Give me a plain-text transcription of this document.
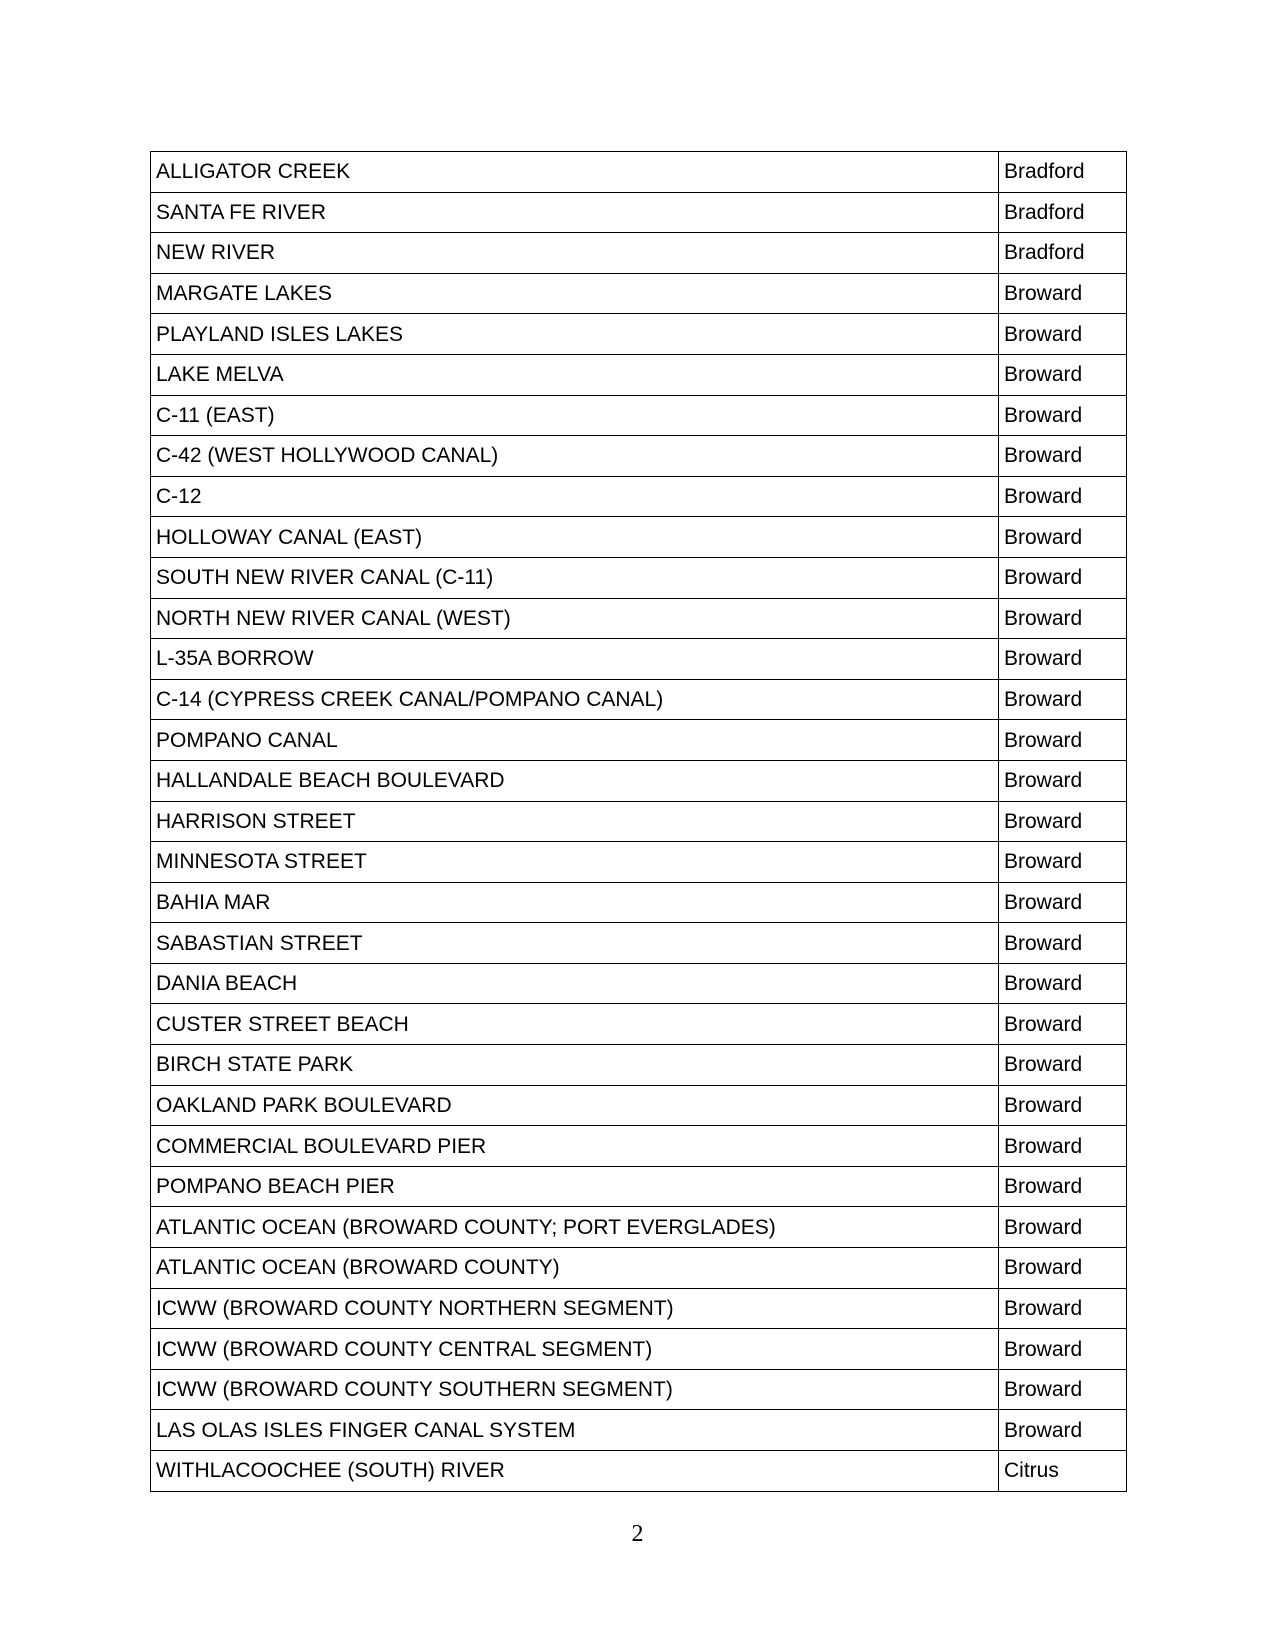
ALLIGATOR CREEK	Bradford
SANTA FE RIVER	Bradford
NEW RIVER	Bradford
MARGATE LAKES	Broward
PLAYLAND ISLES LAKES	Broward
LAKE MELVA	Broward
C-11 (EAST)	Broward
C-42 (WEST HOLLYWOOD CANAL)	Broward
C-12	Broward
HOLLOWAY CANAL (EAST)	Broward
SOUTH NEW RIVER CANAL (C-11)	Broward
NORTH NEW RIVER CANAL (WEST)	Broward
L-35A BORROW	Broward
C-14 (CYPRESS CREEK CANAL/POMPANO CANAL)	Broward
POMPANO CANAL	Broward
HALLANDALE BEACH BOULEVARD	Broward
HARRISON STREET	Broward
MINNESOTA STREET	Broward
BAHIA MAR	Broward
SABASTIAN STREET	Broward
DANIA BEACH	Broward
CUSTER STREET BEACH	Broward
BIRCH STATE PARK	Broward
OAKLAND PARK BOULEVARD	Broward
COMMERCIAL BOULEVARD PIER	Broward
POMPANO BEACH PIER	Broward
ATLANTIC OCEAN (BROWARD COUNTY; PORT EVERGLADES)	Broward
ATLANTIC OCEAN (BROWARD COUNTY)	Broward
ICWW (BROWARD COUNTY NORTHERN SEGMENT)	Broward
ICWW (BROWARD COUNTY CENTRAL SEGMENT)	Broward
ICWW (BROWARD COUNTY SOUTHERN SEGMENT)	Broward
LAS OLAS ISLES FINGER CANAL SYSTEM	Broward
WITHLACOOCHEE (SOUTH) RIVER	Citrus
2
